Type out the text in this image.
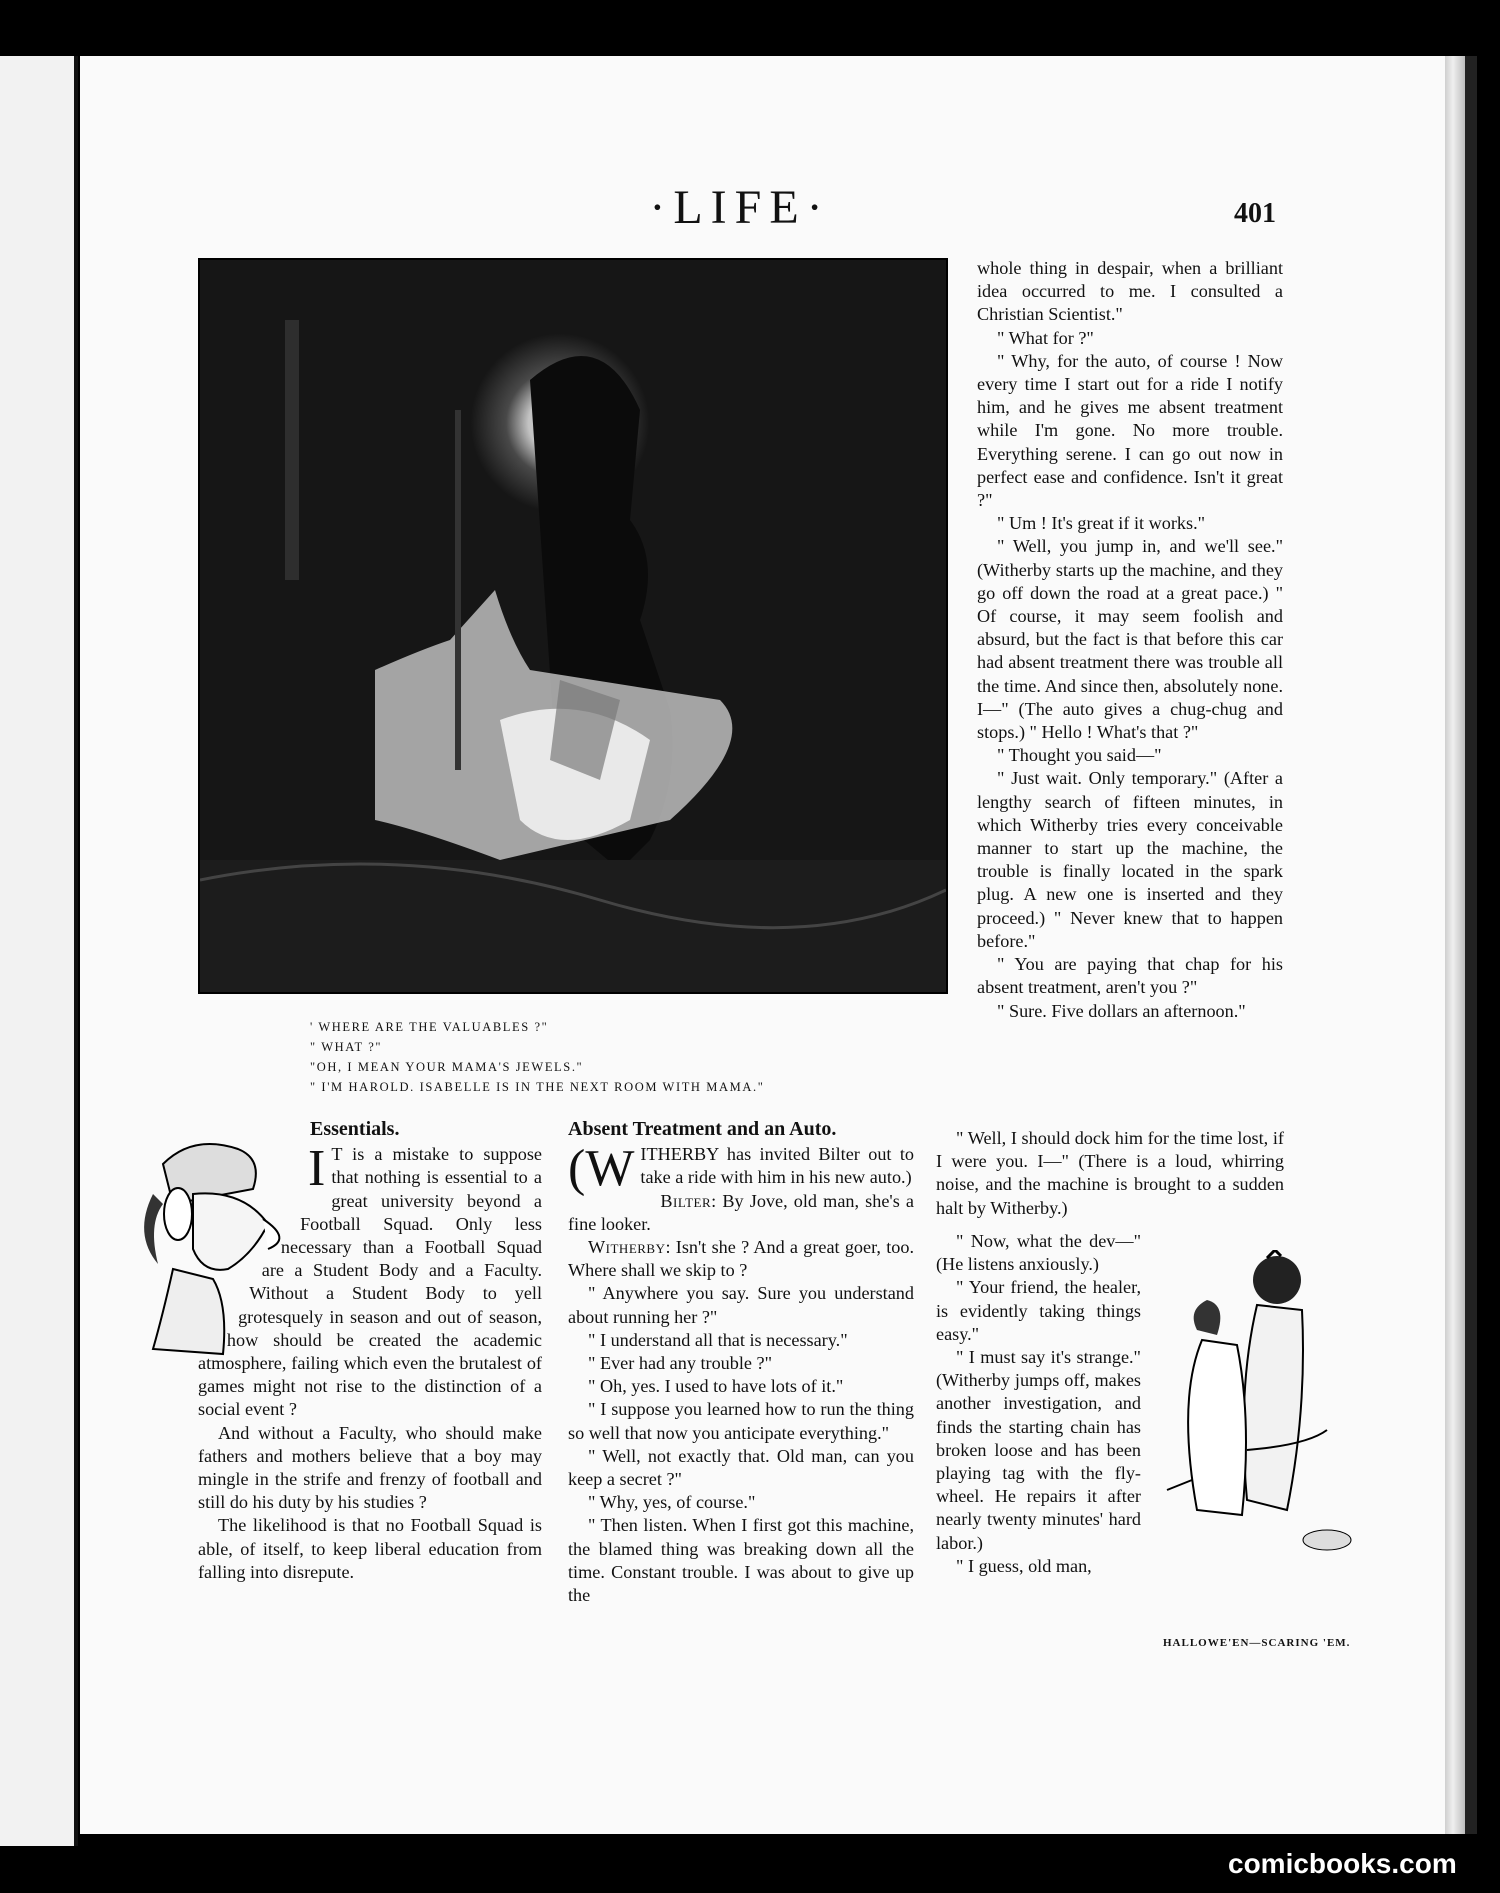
·LIFE·	401
' WHERE ARE THE VALUABLES ?"
" WHAT ?"
"OH, I MEAN YOUR MAMA'S JEWELS."
" I'M HAROLD. ISABELLE IS IN THE NEXT ROOM WITH MAMA."

whole thing in despair, when a brilliant idea occurred to me. I consulted a Christian Scientist."

" What for ?"

" Why, for the auto, of course ! Now every time I start out for a ride I notify him, and he gives me absent treatment while I'm gone. No more trouble. Everything serene. I can go out now in perfect ease and confidence. Isn't it great ?"

" Um ! It's great if it works."

" Well, you jump in, and we'll see." (Witherby starts up the machine, and they go off down the road at a great pace.) " Of course, it may seem foolish and absurd, but the fact is that before this car had absent treatment there was trouble all the time. And since then, absolutely none. I—" (The auto gives a chug-chug and stops.) " Hello ! What's that ?"

" Thought you said—"

" Just wait. Only temporary." (After a lengthy search of fifteen minutes, in which Witherby tries every conceivable manner to start up the machine, the trouble is finally located in the spark plug. A new one is inserted and they proceed.) " Never knew that to happen before."

" You are paying that chap for his absent treatment, aren't you ?"

" Sure. Five dollars an afternoon."

" Well, I should dock him for the time lost, if I were you. I—" (There is a loud, whirring noise, and the machine is brought to a sudden halt by Witherby.)

" Now, what the dev—" (He listens anxiously.)

" Your friend, the healer, is evidently taking things easy."

" I must say it's strange." (Witherby jumps off, makes another investigation, and finds the starting chain has broken loose and has been playing tag with the fly-wheel. He repairs it after nearly twenty minutes' hard labor.)

" I guess, old man,

HALLOWE'EN—SCARING 'EM.
Absent Treatment and an Auto.

(WITHERBY has invited Bilter out to take a ride with him in his new auto.)

Bilter: By Jove, old man, she's a fine looker.

Witherby: Isn't she ? And a great goer, too. Where shall we skip to ?

" Anywhere you say. Sure you understand about running her ?"

" I understand all that is necessary."

" Ever had any trouble ?"

" Oh, yes. I used to have lots of it."

" I suppose you learned how to run the thing so well that now you anticipate everything."

" Well, not exactly that. Old man, can you keep a secret ?"

" Why, yes, of course."

" Then listen. When I first got this machine, the blamed thing was breaking down all the time. Constant trouble. I was about to give up the

Essentials.

I T is a mistake to suppose that nothing is essential to a great university beyond a Football Squad. Only less necessary than a Football Squad are a Student Body and a Faculty. Without a Student Body to yell grotesquely in season and out of season, how should be created the academic atmosphere, failing which even the brutalest of games might not rise to the distinction of a social event ?

And without a Faculty, who should make fathers and mothers believe that a boy may mingle in the strife and frenzy of football and still do his duty by his studies ?

The likelihood is that no Football Squad is able, of itself, to keep liberal education from falling into disrepute.

comicbooks.com
